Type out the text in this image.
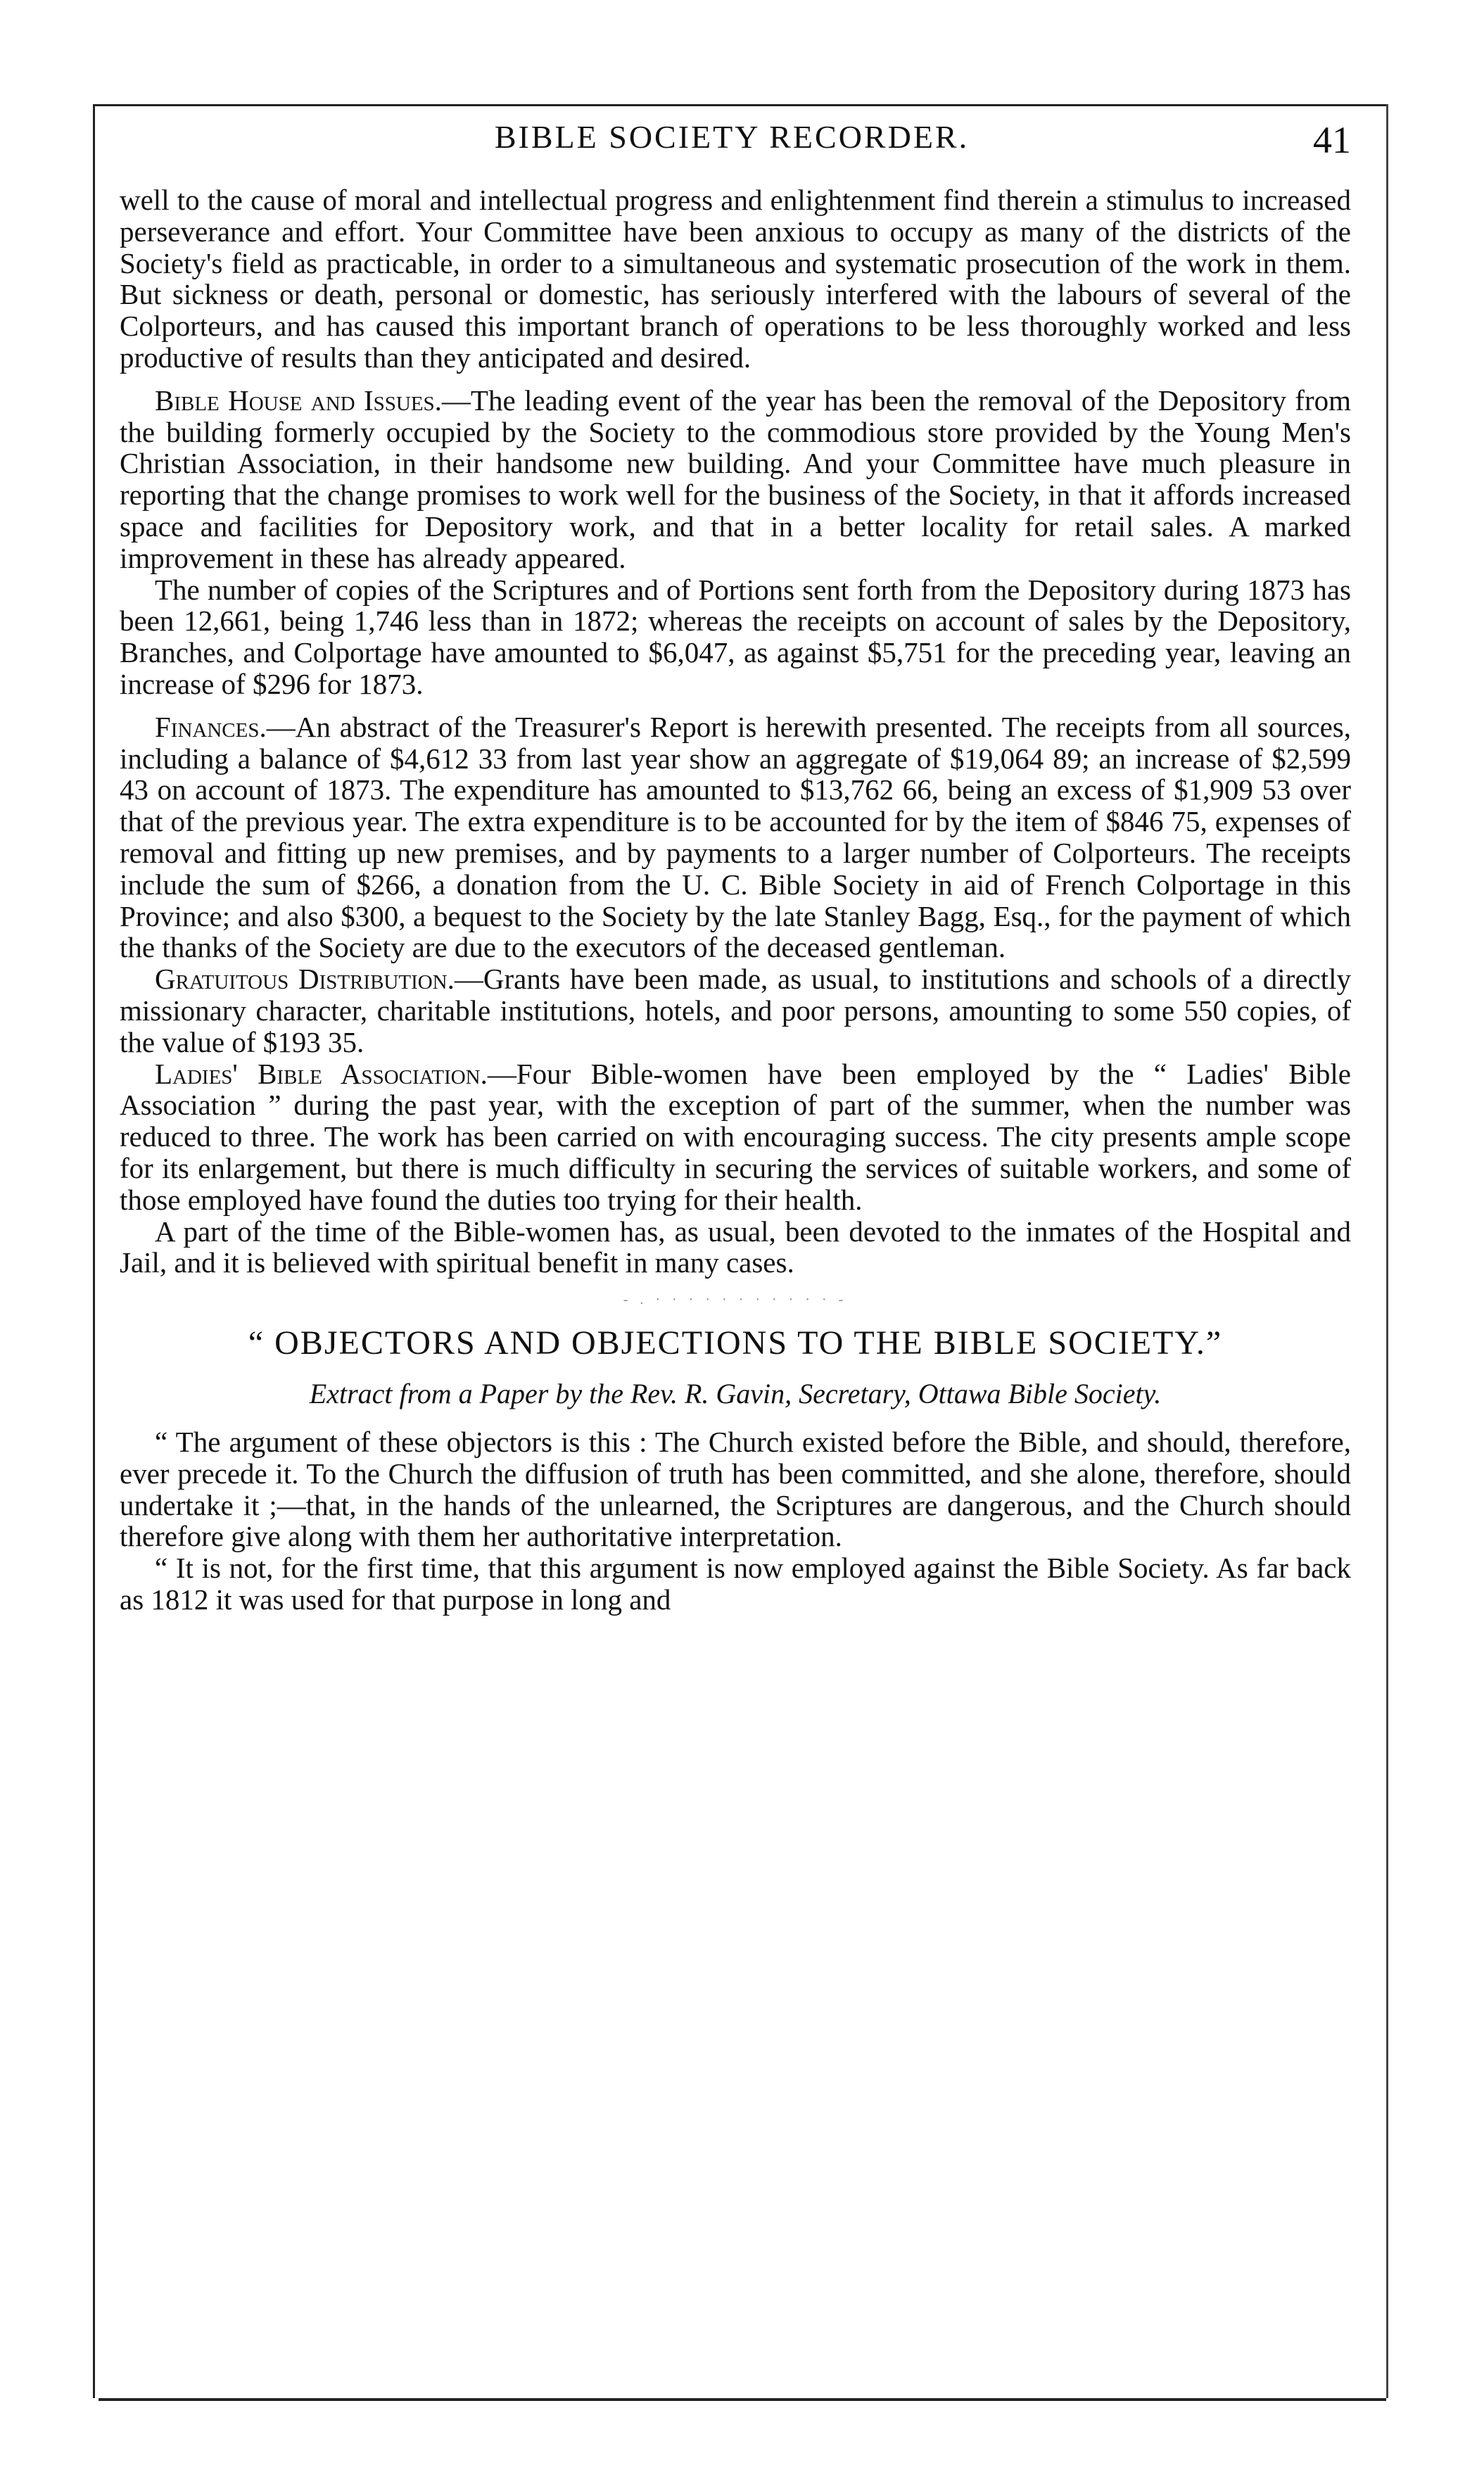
BIBLE SOCIETY RECORDER.	41

well to the cause of moral and intellectual progress and enlightenment find therein a stimulus to increased perseverance and effort. Your Committee have been anxious to occupy as many of the districts of the Society's field as practicable, in order to a simultaneous and systematic prosecution of the work in them. But sickness or death, personal or domestic, has seriously interfered with the labours of several of the Colporteurs, and has caused this important branch of operations to be less thoroughly worked and less productive of results than they anticipated and desired.

Bible House and Issues.—The leading event of the year has been the removal of the Depository from the building formerly occupied by the Society to the commodious store provided by the Young Men's Christian Association, in their handsome new building. And your Committee have much pleasure in reporting that the change promises to work well for the business of the Society, in that it affords increased space and facilities for Depository work, and that in a better locality for retail sales. A marked improvement in these has already appeared.

The number of copies of the Scriptures and of Portions sent forth from the Depository during 1873 has been 12,661, being 1,746 less than in 1872; whereas the receipts on account of sales by the Depository, Branches, and Colportage have amounted to $6,047, as against $5,751 for the preceding year, leaving an increase of $296 for 1873.

Finances.—An abstract of the Treasurer's Report is herewith presented. The receipts from all sources, including a balance of $4,612 33 from last year show an aggregate of $19,064 89; an increase of $2,599 43 on account of 1873. The expenditure has amounted to $13,762 66, being an excess of $1,909 53 over that of the previous year. The extra expenditure is to be accounted for by the item of $846 75, expenses of removal and fitting up new premises, and by payments to a larger number of Colporteurs. The receipts include the sum of $266, a donation from the U. C. Bible Society in aid of French Colportage in this Province; and also $300, a bequest to the Society by the late Stanley Bagg, Esq., for the payment of which the thanks of the Society are due to the executors of the deceased gentleman.

Gratuitous Distribution.—Grants have been made, as usual, to institutions and schools of a directly missionary character, charitable institutions, hotels, and poor persons, amounting to some 550 copies, of the value of $193 35.

Ladies' Bible Association.—Four Bible-women have been employed by the “ Ladies' Bible Association ” during the past year, with the exception of part of the summer, when the number was reduced to three. The work has been carried on with encouraging success. The city presents ample scope for its enlargement, but there is much difficulty in securing the services of suitable workers, and some of those employed have found the duties too trying for their health.

A part of the time of the Bible-women has, as usual, been devoted to the inmates of the Hospital and Jail, and it is believed with spiritual benefit in many cases.

- . · · · · · · · · · · · -
“ OBJECTORS AND OBJECTIONS TO THE BIBLE SOCIETY.”
Extract from a Paper by the Rev. R. Gavin, Secretary, Ottawa Bible Society.

“ The argument of these objectors is this : The Church existed before the Bible, and should, therefore, ever precede it. To the Church the diffusion of truth has been committed, and she alone, therefore, should undertake it ;—that, in the hands of the unlearned, the Scriptures are dangerous, and the Church should therefore give along with them her authoritative interpretation.

“ It is not, for the first time, that this argument is now employed against the Bible Society. As far back as 1812 it was used for that purpose in long and
